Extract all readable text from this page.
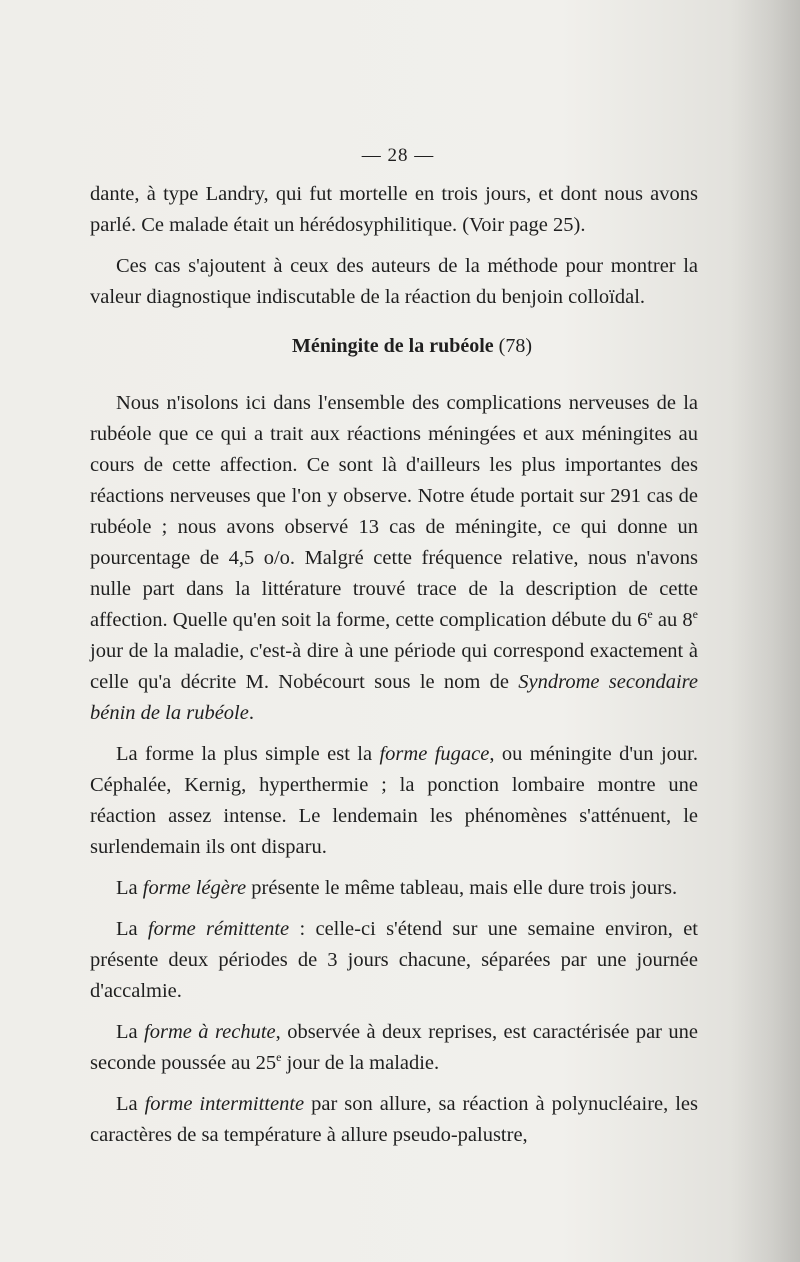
— 28 —

dante, à type Landry, qui fut mortelle en trois jours, et dont nous avons parlé. Ce malade était un hérédosyphilitique. (Voir page 25).

Ces cas s'ajoutent à ceux des auteurs de la méthode pour montrer la valeur diagnostique indiscutable de la réaction du benjoin colloïdal.

Méningite de la rubéole (78)

Nous n'isolons ici dans l'ensemble des complications nerveuses de la rubéole que ce qui a trait aux réactions méningées et aux méningites au cours de cette affection. Ce sont là d'ailleurs les plus importantes des réactions nerveuses que l'on y observe. Notre étude portait sur 291 cas de rubéole ; nous avons observé 13 cas de méningite, ce qui donne un pourcentage de 4,5 o/o. Malgré cette fréquence relative, nous n'avons nulle part dans la littérature trouvé trace de la description de cette affection. Quelle qu'en soit la forme, cette complication débute du 6e au 8e jour de la maladie, c'est-à dire à une période qui correspond exactement à celle qu'a décrite M. Nobécourt sous le nom de Syndrome secondaire bénin de la rubéole.

La forme la plus simple est la forme fugace, ou méningite d'un jour. Céphalée, Kernig, hyperthermie ; la ponction lombaire montre une réaction assez intense. Le lendemain les phénomènes s'atténuent, le surlendemain ils ont disparu.

La forme légère présente le même tableau, mais elle dure trois jours.

La forme rémittente : celle-ci s'étend sur une semaine environ, et présente deux périodes de 3 jours chacune, séparées par une journée d'accalmie.

La forme à rechute, observée à deux reprises, est caractérisée par une seconde poussée au 25e jour de la maladie.

La forme intermittente par son allure, sa réaction à polynucléaire, les caractères de sa température à allure pseudo-palustre,
